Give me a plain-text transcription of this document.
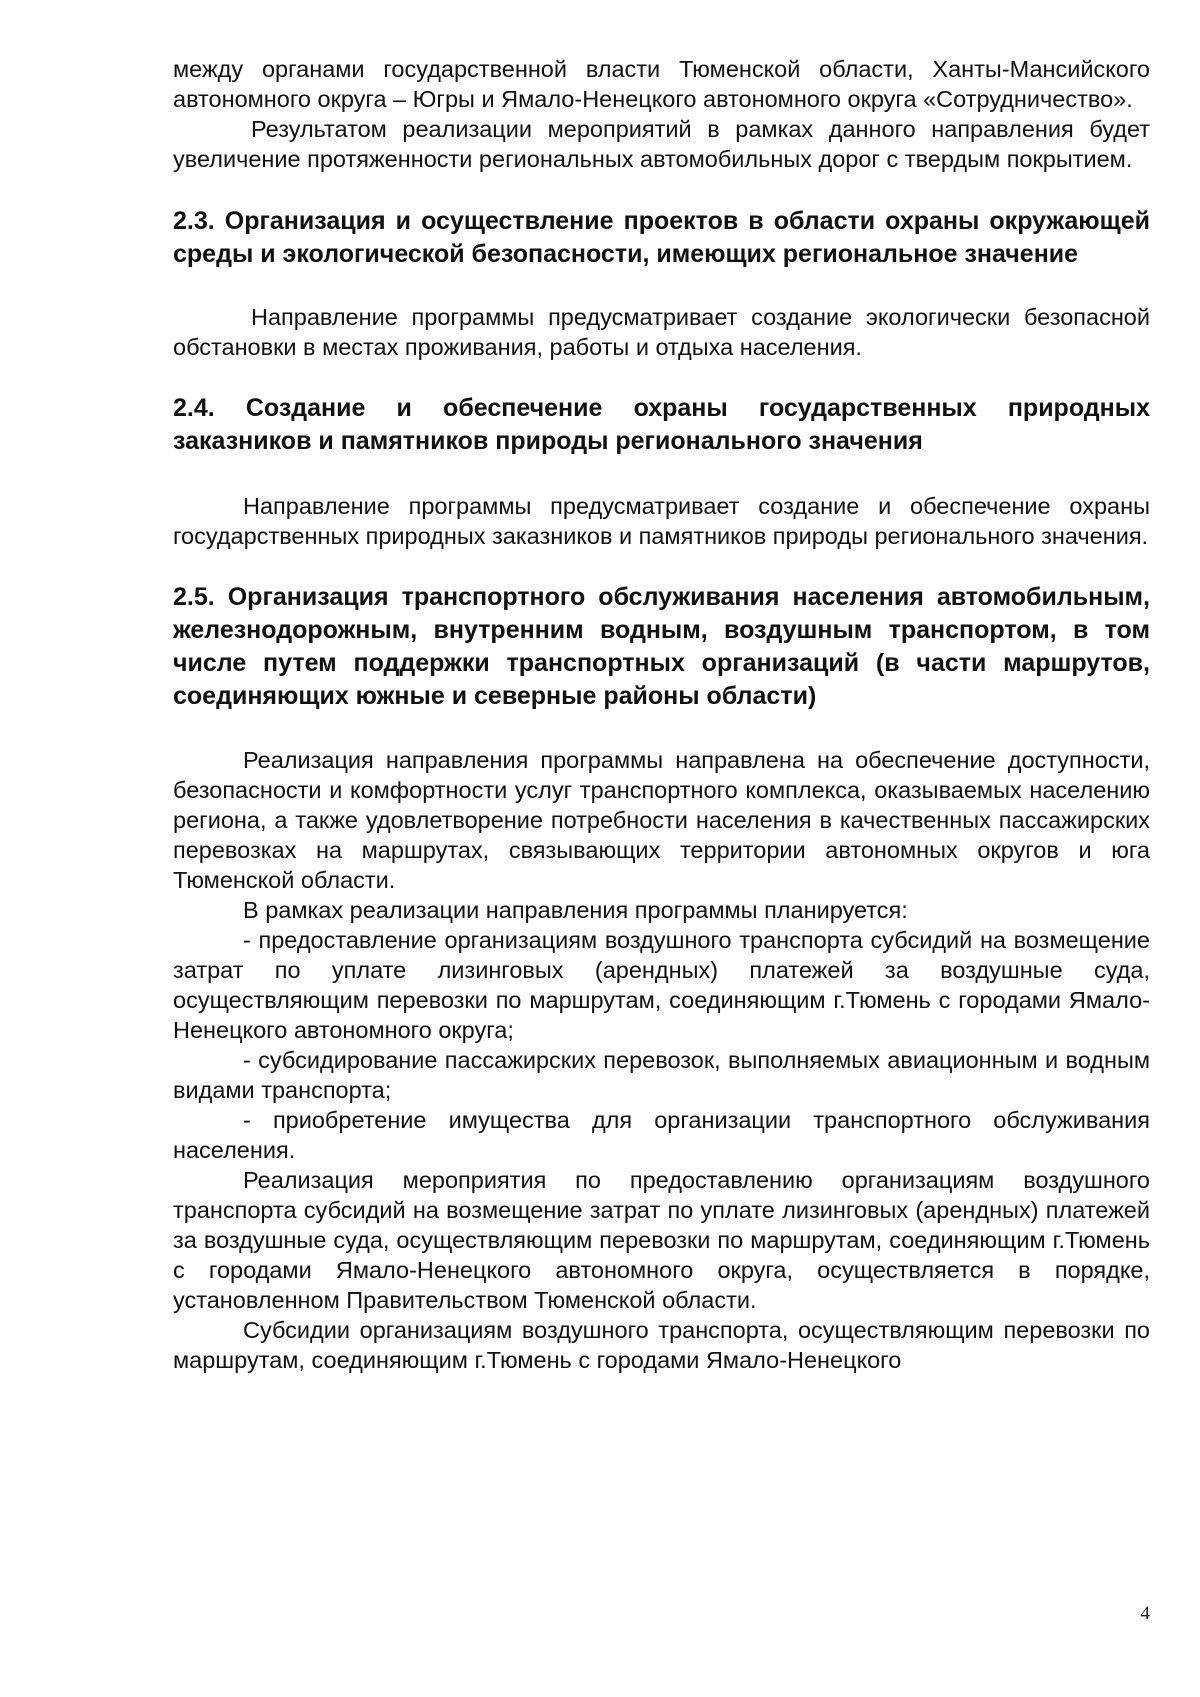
между органами государственной власти Тюменской области, Ханты-Мансийского автономного округа – Югры и Ямало-Ненецкого автономного округа «Сотрудничество».

Результатом реализации мероприятий в рамках данного направления будет увеличение протяженности региональных автомобильных дорог с твердым покрытием.

2.3. Организация и осуществление проектов в области охраны окружающей среды и экологической безопасности, имеющих региональное значение

Направление программы предусматривает создание экологически безопасной обстановки в местах проживания, работы и отдыха населения.

2.4. Создание и обеспечение охраны государственных природных заказников и памятников природы регионального значения

Направление программы предусматривает создание и обеспечение охраны государственных природных заказников и памятников природы регионального значения.

2.5. Организация транспортного обслуживания населения автомобильным, железнодорожным, внутренним водным, воздушным транспортом, в том числе путем поддержки транспортных организаций (в части маршрутов, соединяющих южные и северные районы области)

Реализация направления программы направлена на обеспечение доступности, безопасности и комфортности услуг транспортного комплекса, оказываемых населению региона, а также удовлетворение потребности населения в качественных пассажирских перевозках на маршрутах, связывающих территории автономных округов и юга Тюменской области.

В рамках реализации направления программы планируется:

- предоставление организациям воздушного транспорта субсидий на возмещение затрат по уплате лизинговых (арендных) платежей за воздушные суда, осуществляющим перевозки по маршрутам, соединяющим г.Тюмень с городами Ямало-Ненецкого автономного округа;

- субсидирование пассажирских перевозок, выполняемых авиационным и водным видами транспорта;

- приобретение имущества для организации транспортного обслуживания населения.

Реализация мероприятия по предоставлению организациям воздушного транспорта субсидий на возмещение затрат по уплате лизинговых (арендных) платежей за воздушные суда, осуществляющим перевозки по маршрутам, соединяющим г.Тюмень с городами Ямало-Ненецкого автономного округа, осуществляется в порядке, установленном Правительством Тюменской области.

Субсидии организациям воздушного транспорта, осуществляющим перевозки по маршрутам, соединяющим г.Тюмень с городами Ямало-Ненецкого

4
